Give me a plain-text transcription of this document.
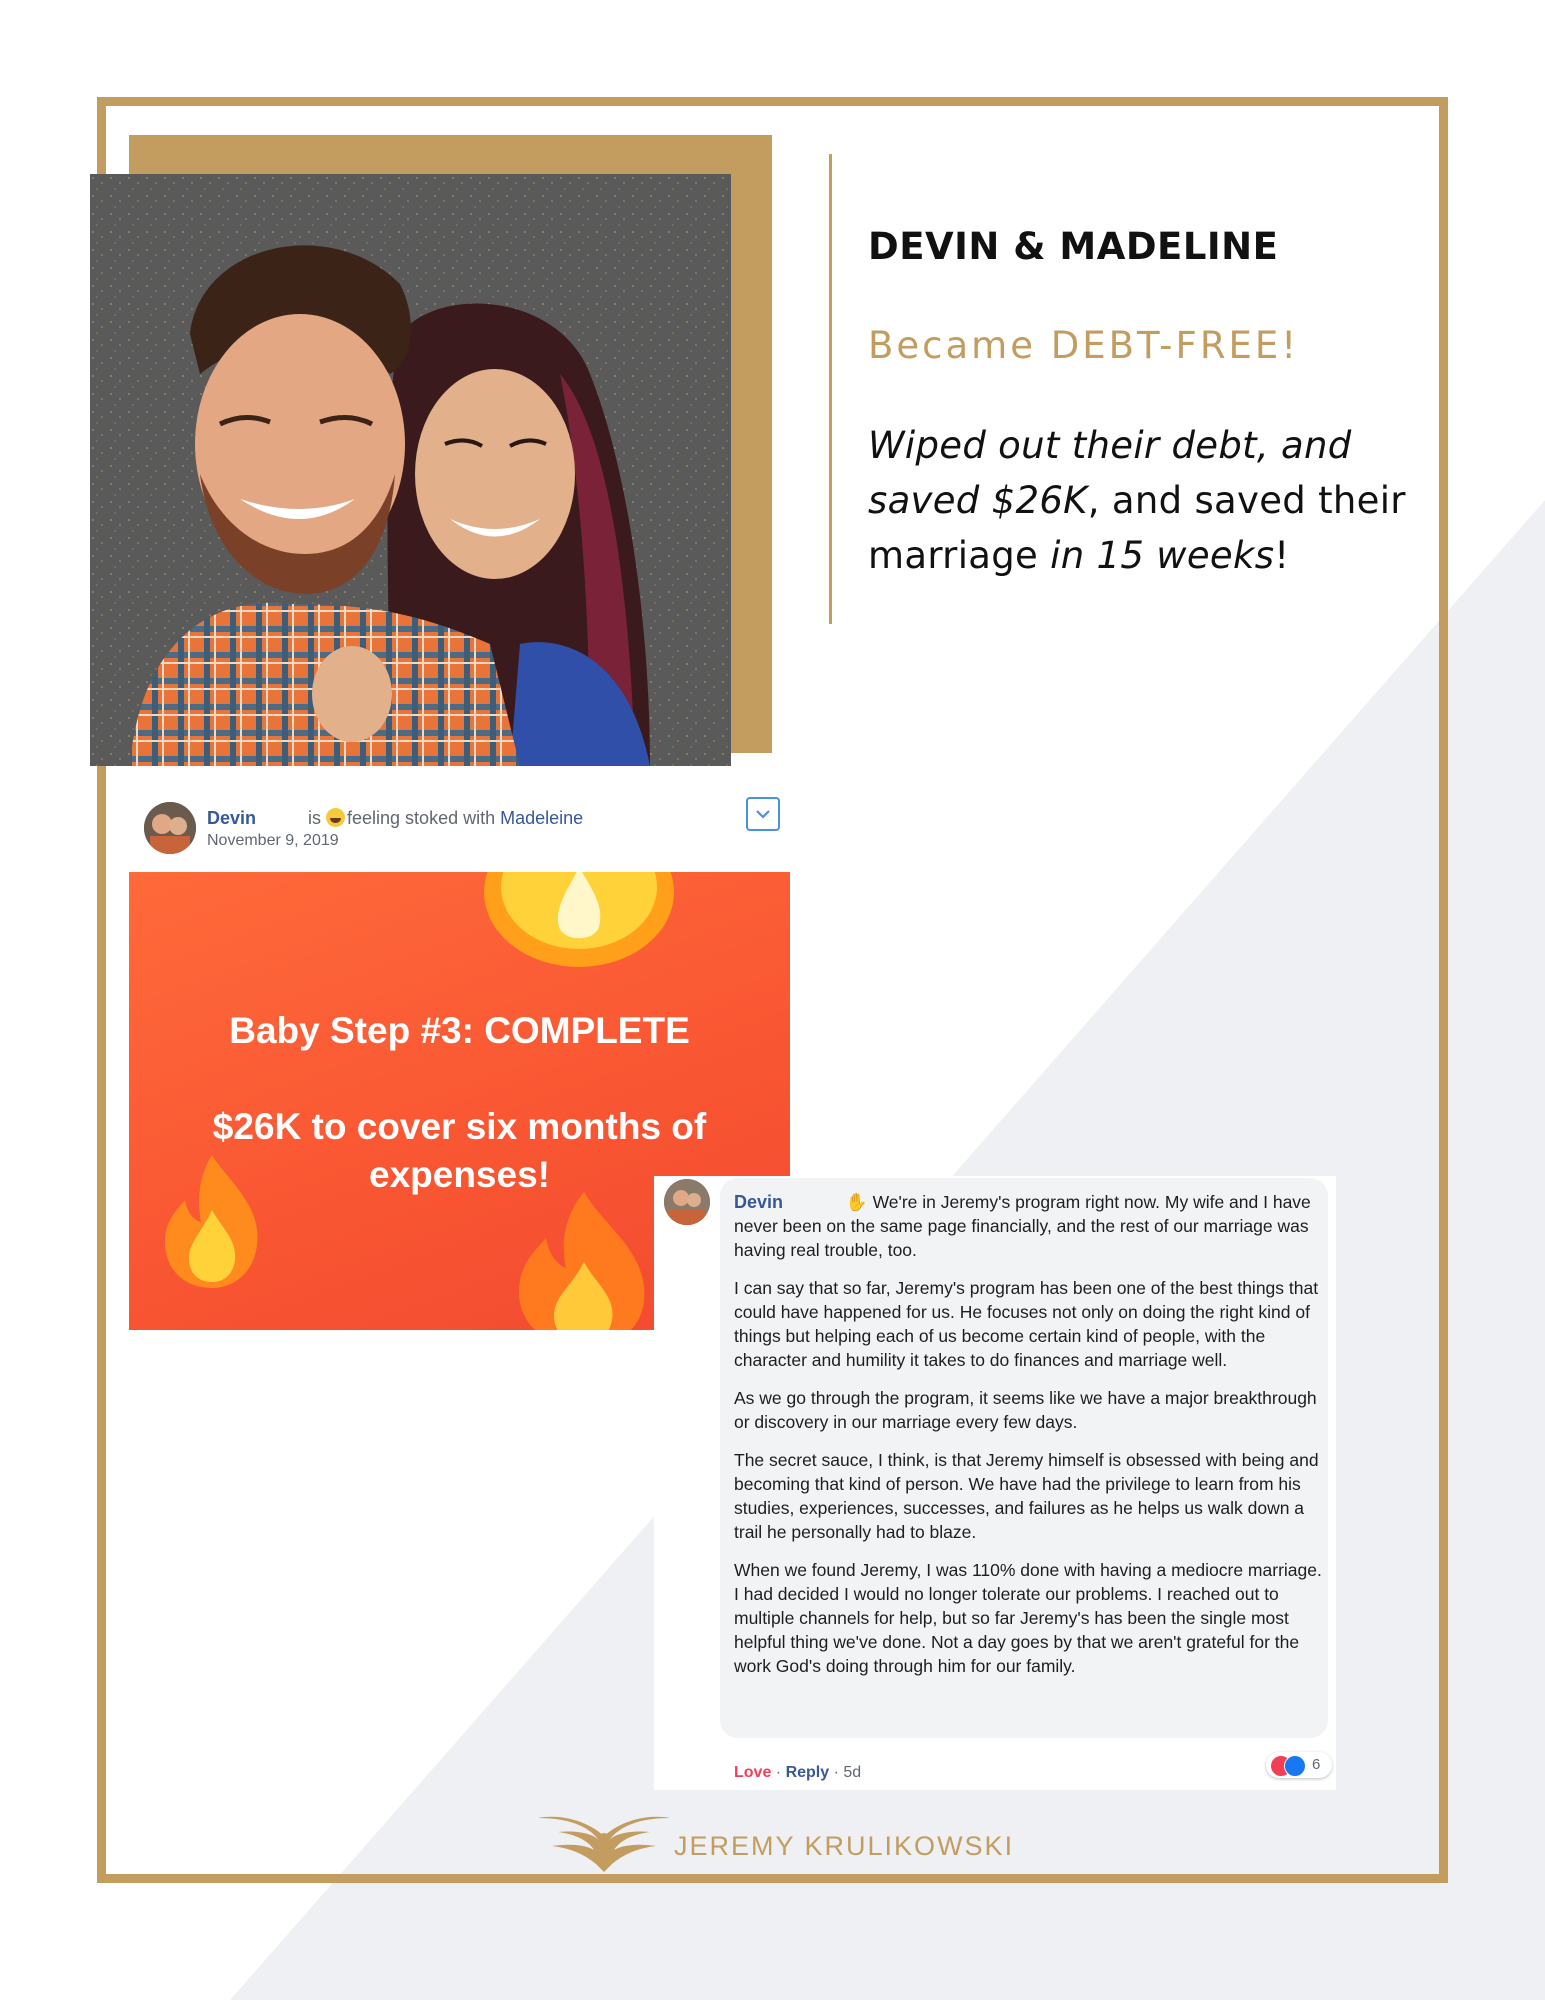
DEVIN & MADELINE
Became DEBT-FREE!
Wiped out their debt, and saved $26K, and saved their marriage in 15 weeks!
Devin	is feeling stoked with Madeleine
November 9, 2019
Baby Step #3: COMPLETE
$26K to cover six months of
expenses!

Devin	✋ We're in Jeremy's program right now. My wife and I have never been on the same page financially, and the rest of our marriage was having real trouble, too.

I can say that so far, Jeremy's program has been one of the best things that could have happened for us. He focuses not only on doing the right kind of things but helping each of us become certain kind of people, with the character and humility it takes to do finances and marriage well.

As we go through the program, it seems like we have a major breakthrough or discovery in our marriage every few days.

The secret sauce, I think, is that Jeremy himself is obsessed with being and becoming that kind of person. We have had the privilege to learn from his studies, experiences, successes, and failures as he helps us walk down a trail he personally had to blaze.

When we found Jeremy, I was 110% done with having a mediocre marriage. I had decided I would no longer tolerate our problems. I reached out to multiple channels for help, but so far Jeremy's has been the single most helpful thing we've done. Not a day goes by that we aren't grateful for the work God's doing through him for our family.

Love · Reply · 5d	6
JEREMY KRULIKOWSKI
